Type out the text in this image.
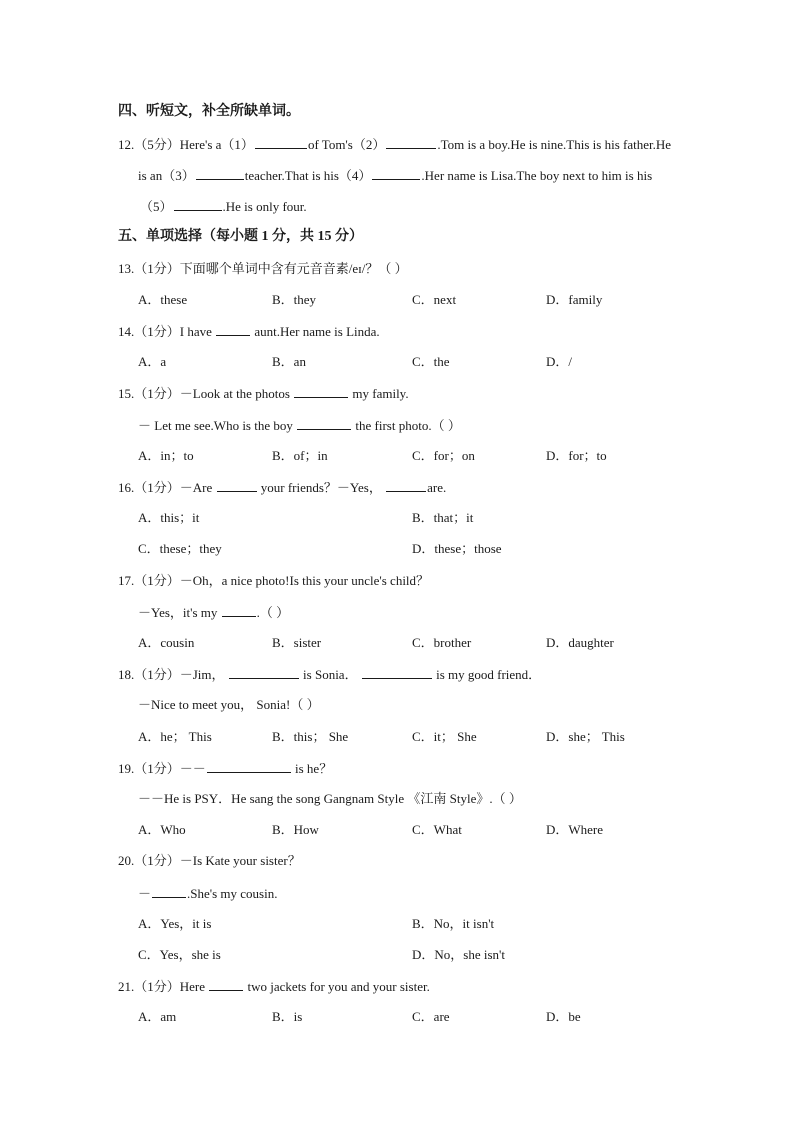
四、听短文，补全所缺单词。
12.（5分）Here's a（1）	of Tom's（2）	.Tom is a boy.He is nine.This is his father.He
is an（3）	teacher.That is his（4）	.Her name is Lisa.The boy next to him is his
（5）	.He is only four.
五、单项选择（每小题 1 分，共 15 分）
13.（1分）下面哪个单词中含有元音音素/eɪ/？（ ）
A．these	B．they	C．next	D．family
14.（1分）I have	aunt.Her name is Linda.
A．a	B．an	C．the	D．/
15.（1分）－Look at the photos	my family.
－ Let me see.Who is the boy	the first photo.（ ）
A．in；to	B．of；in	C．for；on	D．for；to
16.（1分）－Are	your friends？－Yes，	are.
A．this；it	B．that；it
C．these；they	D．these；those
17.（1分）－Oh，a nice photo!Is this your uncle's child？
－Yes，it's my	.（ ）
A．cousin	B．sister	C．brother	D．daughter
18.（1分）－Jim，	is Sonia．	is my good friend．
－Nice to meet you， Sonia!（ ）
A．he； This	B．this； She	C．it； She	D．she； This
19.（1分）－－	is he？
－－He is PSY．He sang the song Gangnam Style 《江南 Style》.（ ）
A．Who	B．How	C．What	D．Where
20.（1分）－Is Kate your sister？
－	.She's my cousin.
A．Yes，it is	B．No，it isn't
C．Yes，she is	D．No，she isn't
21.（1分）Here	two jackets for you and your sister.
A．am	B．is	C．are	D．be
